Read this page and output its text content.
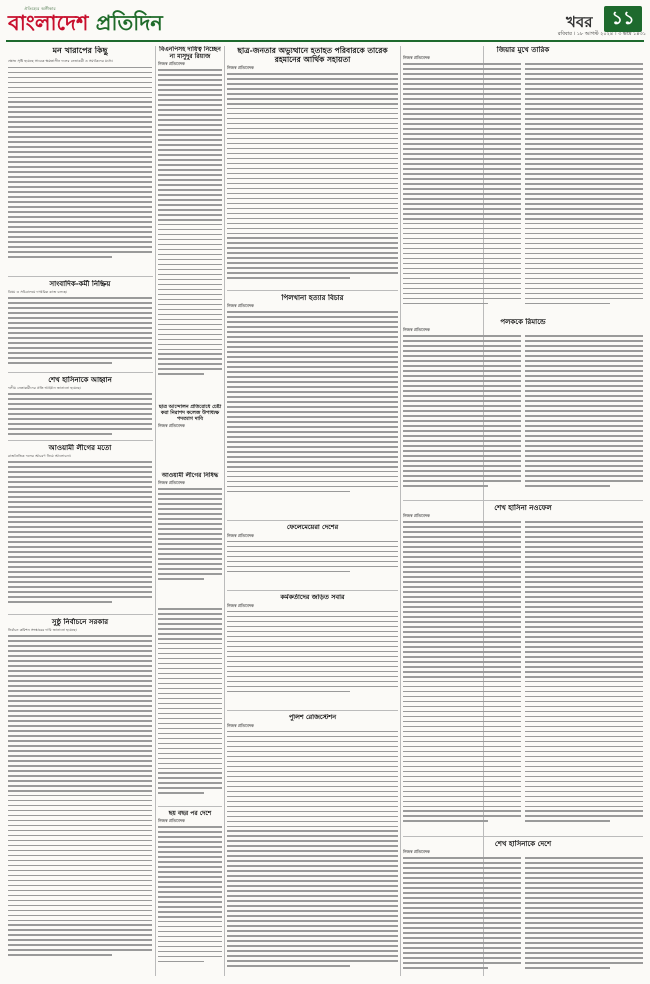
ঐতিহ্যের অঙ্গীকার
বাংলাদেশ প্রতিদিন	খবর	১১
রবিবার । ১৮ আগস্ট ২০২৪ । ৩ ভাদ্র ১৪৩১
মন খারাপের কিছু
ক্ষোভ সৃষ্টি হয়েছে সাবেক ক্ষমতাসীন দলের নেতাকর্মী ও সমর্থকদের মধ্যে।
সাংবাদিক-কর্মী নিষ্ক্রিয়
বিষয় ও সচিবালয়ে দাপ্তরিক কাজ চলছে।
শেখ হাসিনাকে আহ্বান
দলীয় নেতাকর্মীদের প্রতি আহ্বান জানানো হয়েছে।
আওয়ামী লীগের মতো
রাজনৈতিক দলের আচরণ নিয়ে আলোচনা।
সুষ্ঠু নির্বাচনে সরকার
নির্বাচন কমিশন সংস্কারের দাবি জানানো হয়েছে।
বিএনপিসহ দায়িত্ব নিচ্ছেন না মাসুদুর রিয়াজ
নিজস্ব প্রতিবেদক
ছাত্র-জনতার অভ্যুত্থানে হতাহত পরিবারকে তারেক রহমানের আর্থিক সহায়তা
নিজস্ব প্রতিবেদক
জিয়ার মুখে তারিক
নিজস্ব প্রতিবেদক
ছাত্র আন্দোলন প্রতিরোধে চেষ্টা করা নিরাপদ কলেজ উপাধ্যক্ষ পদত্যাগ দাবি
নিজস্ব প্রতিবেদক
পিলখানা হত্যার বিচার
নিজস্ব প্রতিবেদক
পলককে রিমান্ডে
নিজস্ব প্রতিবেদক
আওয়ামী লীগের নিষিদ্ধ
নিজস্ব প্রতিবেদক
ফেলেমেয়েরা দেশের
নিজস্ব প্রতিবেদক
শেখ হাসিনা নওফেল
নিজস্ব প্রতিবেদক
কর্মকর্তাদের জড়িত সবার
নিজস্ব প্রতিবেদক
পুলিশ রেজিস্টেশন
নিজস্ব প্রতিবেদক
ছয় বছর পর দেশে
নিজস্ব প্রতিবেদক
শেখ হাসিনাকে দেশে
নিজস্ব প্রতিবেদক
